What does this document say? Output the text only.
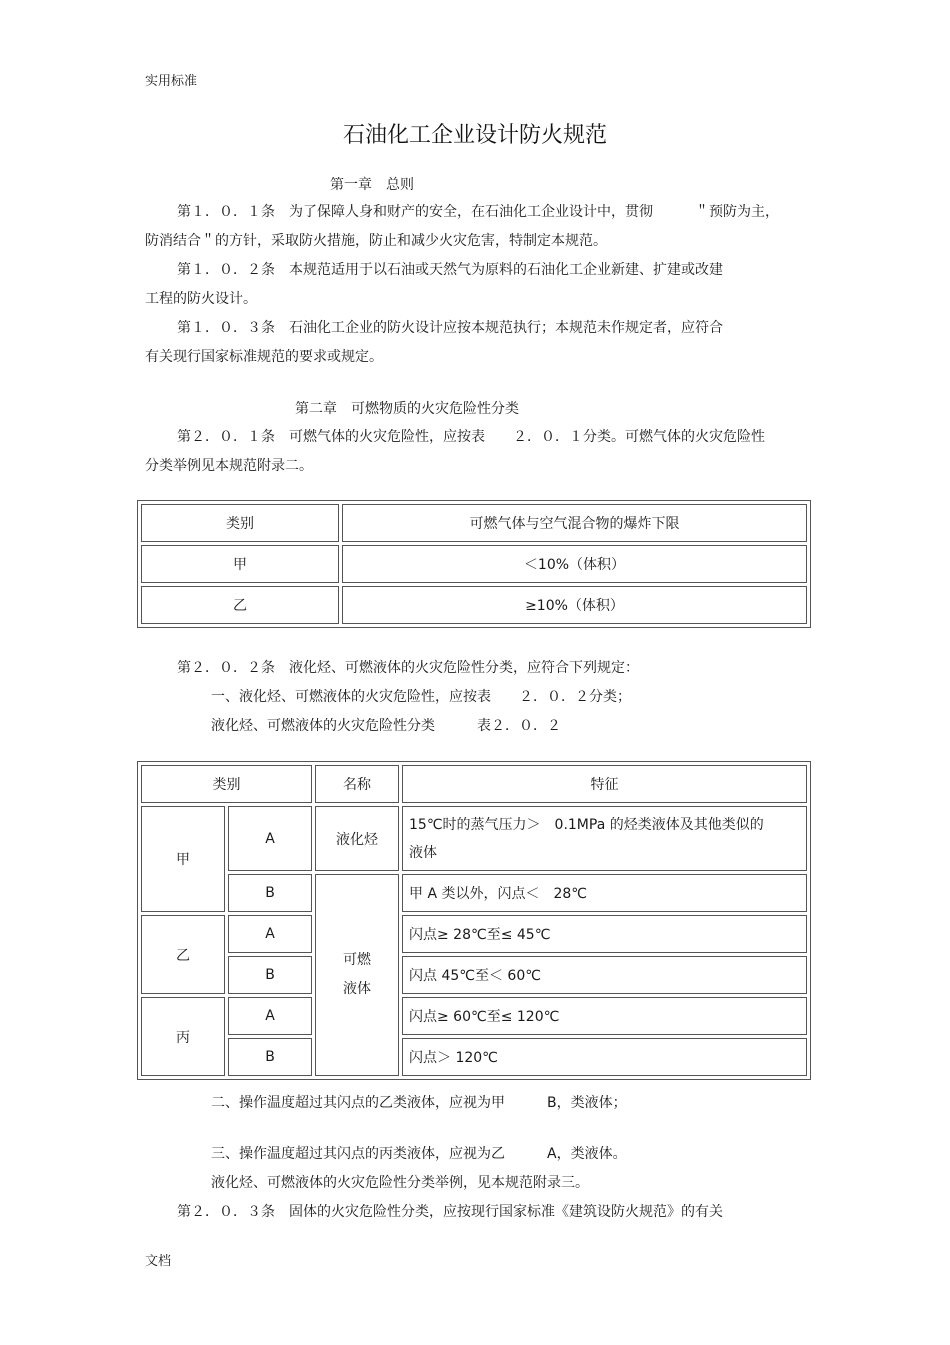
实用标准
石油化工企业设计防火规范
第一章　总则
第１．０．１条　为了保障人身和财产的安全，在石油化工企业设计中，贯彻　　　＂预防为主，
防消结合＂的方针，采取防火措施，防止和减少火灾危害，特制定本规范。
第１．０．２条　本规范适用于以石油或天然气为原料的石油化工企业新建、扩建或改建
工程的防火设计。
第１．０．３条　石油化工企业的防火设计应按本规范执行；本规范未作规定者，应符合
有关现行国家标准规范的要求或规定。
第二章　可燃物质的火灾危险性分类
第２．０．１条　可燃气体的火灾危险性，应按表　　２．０．１分类。可燃气体的火灾危险性
分类举例见本规范附录二。
类别	可燃气体与空气混合物的爆炸下限
甲	＜10%（体积）
乙	≥10%（体积）
第２．０．２条　液化烃、可燃液体的火灾危险性分类，应符合下列规定：
一、液化烃、可燃液体的火灾危险性，应按表　　２．０．２分类；
液化烃、可燃液体的火灾危险性分类　　　表２．０．２
类别		名称	特征
甲	A	液化烃	15℃时的蒸气压力＞　0.1MPa 的烃类液体及其他类似的
液体

	B	可燃
液体	甲 A 类以外，闪点＜　28℃
乙	A		闪点≥ 28℃至≤ 45℃
	B		闪点 45℃至＜ 60℃
丙	A		闪点≥ 60℃至≤ 120℃
	B		闪点＞ 120℃
二、操作温度超过其闪点的乙类液体，应视为甲　　　B，类液体；
三、操作温度超过其闪点的丙类液体，应视为乙　　　A，类液体。
液化烃、可燃液体的火灾危险性分类举例，见本规范附录三。
第２．０．３条　固体的火灾危险性分类，应按现行国家标准《建筑设防火规范》的有关
文档
